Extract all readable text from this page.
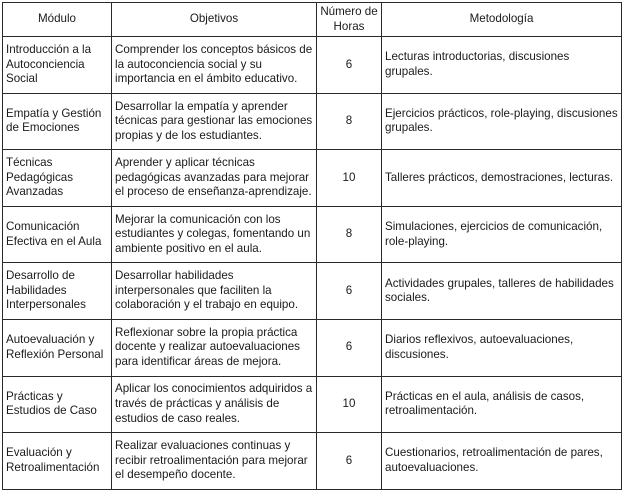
Módulo	Objetivos	Número de Horas	Metodología
Introducción a la Autoconciencia Social	Comprender los conceptos básicos de la autoconciencia social y su importancia en el ámbito educativo.	6	Lecturas introductorias, discusiones grupales.
Empatía y Gestión de Emociones	Desarrollar la empatía y aprender técnicas para gestionar las emociones propias y de los estudiantes.	8	Ejercicios prácticos, role-playing, discusiones grupales.
Técnicas Pedagógicas Avanzadas	Aprender y aplicar técnicas pedagógicas avanzadas para mejorar el proceso de enseñanza-aprendizaje.	10	Talleres prácticos, demostraciones, lecturas.
Comunicación Efectiva en el Aula	Mejorar la comunicación con los estudiantes y colegas, fomentando un ambiente positivo en el aula.	8	Simulaciones, ejercicios de comunicación, role-playing.
Desarrollo de Habilidades Interpersonales	Desarrollar habilidades interpersonales que faciliten la colaboración y el trabajo en equipo.	6	Actividades grupales, talleres de habilidades sociales.
Autoevaluación y Reflexión Personal	Reflexionar sobre la propia práctica docente y realizar autoevaluaciones para identificar áreas de mejora.	6	Diarios reflexivos, autoevaluaciones, discusiones.
Prácticas y Estudios de Caso	Aplicar los conocimientos adquiridos a través de prácticas y análisis de estudios de caso reales.	10	Prácticas en el aula, análisis de casos, retroalimentación.
Evaluación y Retroalimentación	Realizar evaluaciones continuas y recibir retroalimentación para mejorar el desempeño docente.	6	Cuestionarios, retroalimentación de pares, autoevaluaciones.
